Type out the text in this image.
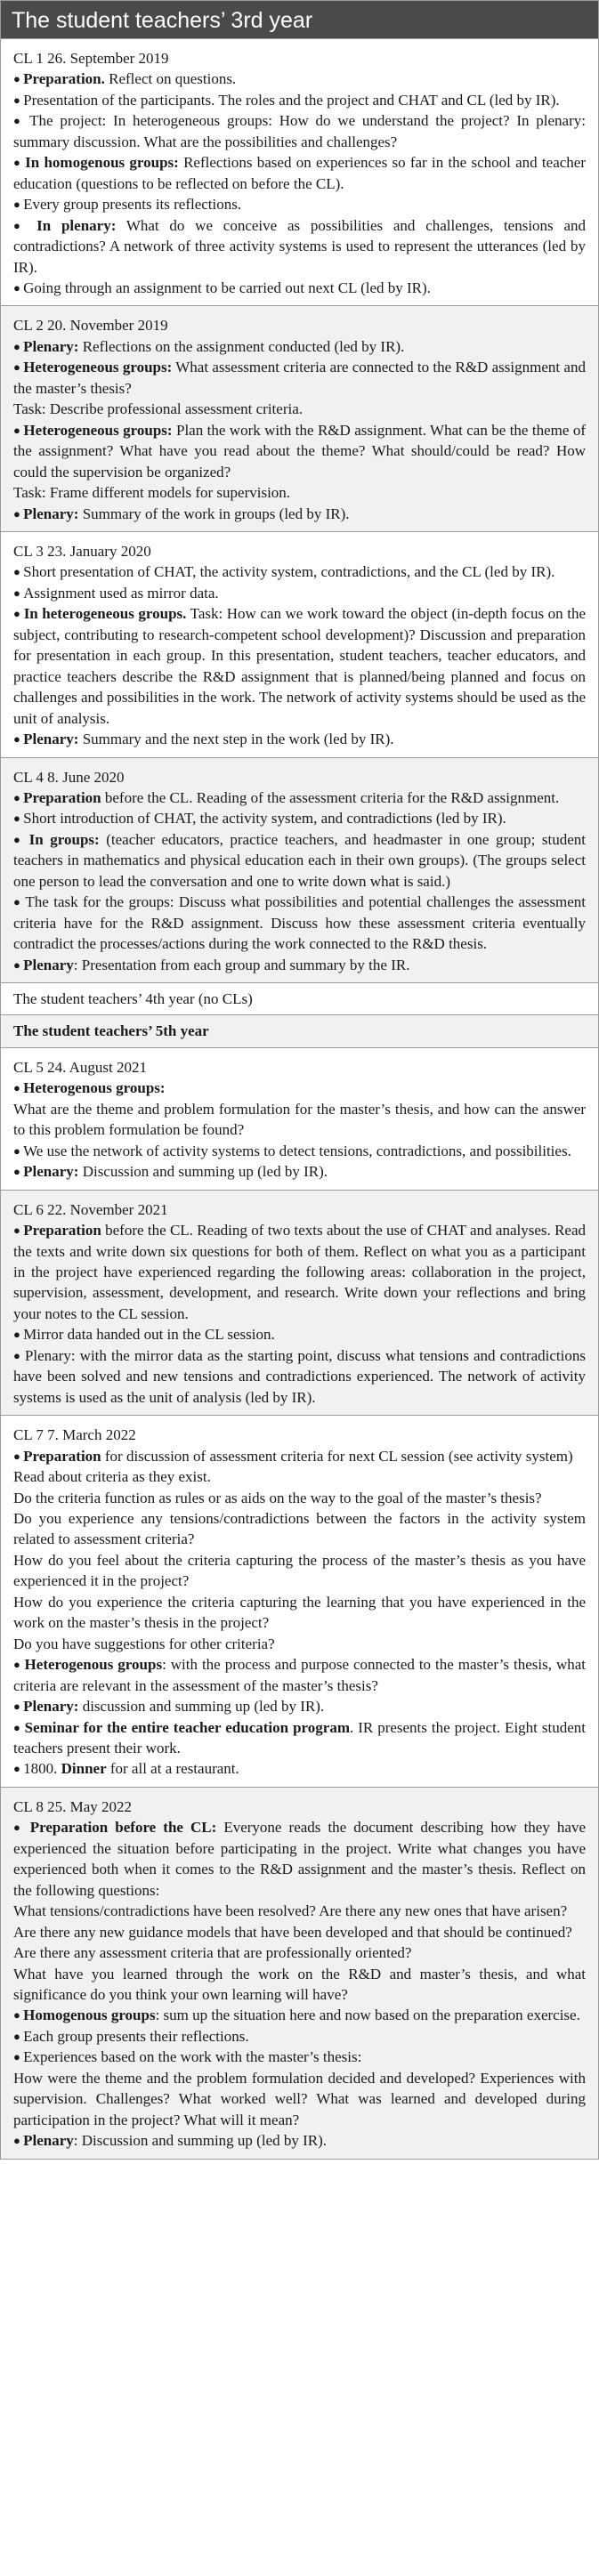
The student teachers’ 3rd year
CL 1 26. September 2019
● Preparation. Reflect on questions.
● Presentation of the participants. The roles and the project and CHAT and CL (led by IR).
● The project: In heterogeneous groups: How do we understand the project? In plenary: summary discussion. What are the possibilities and challenges?
● In homogenous groups: Reflections based on experiences so far in the school and teacher education (questions to be reflected on before the CL).
● Every group presents its reflections.
● In plenary: What do we conceive as possibilities and challenges, tensions and contradictions? A network of three activity systems is used to represent the utterances (led by IR).
● Going through an assignment to be carried out next CL (led by IR).
CL 2 20. November 2019
● Plenary: Reflections on the assignment conducted (led by IR).
● Heterogeneous groups: What assessment criteria are connected to the R&D assignment and the master’s thesis?
Task: Describe professional assessment criteria.
● Heterogeneous groups: Plan the work with the R&D assignment. What can be the theme of the assignment? What have you read about the theme? What should/could be read? How could the supervision be organized?
Task: Frame different models for supervision.
● Plenary: Summary of the work in groups (led by IR).
CL 3 23. January 2020
● Short presentation of CHAT, the activity system, contradictions, and the CL (led by IR).
● Assignment used as mirror data.
● In heterogeneous groups. Task: How can we work toward the object (in-depth focus on the subject, contributing to research-competent school development)? Discussion and preparation for presentation in each group. In this presentation, student teachers, teacher educators, and practice teachers describe the R&D assignment that is planned/being planned and focus on challenges and possibilities in the work. The network of activity systems should be used as the unit of analysis.
● Plenary: Summary and the next step in the work (led by IR).
CL 4 8. June 2020
● Preparation before the CL. Reading of the assessment criteria for the R&D assignment.
● Short introduction of CHAT, the activity system, and contradictions (led by IR).
● In groups: (teacher educators, practice teachers, and headmaster in one group; student teachers in mathematics and physical education each in their own groups). (The groups select one person to lead the conversation and one to write down what is said.)
● The task for the groups: Discuss what possibilities and potential challenges the assessment criteria have for the R&D assignment. Discuss how these assessment criteria eventually contradict the processes/actions during the work connected to the R&D thesis.
● Plenary: Presentation from each group and summary by the IR.
The student teachers’ 4th year (no CLs)
The student teachers’ 5th year
CL 5 24. August 2021
● Heterogenous groups:
What are the theme and problem formulation for the master’s thesis, and how can the answer to this problem formulation be found?
● We use the network of activity systems to detect tensions, contradictions, and possibilities.
● Plenary: Discussion and summing up (led by IR).
CL 6 22. November 2021
● Preparation before the CL. Reading of two texts about the use of CHAT and analyses. Read the texts and write down six questions for both of them. Reflect on what you as a participant in the project have experienced regarding the following areas: collaboration in the project, supervision, assessment, development, and research. Write down your reflections and bring your notes to the CL session.
● Mirror data handed out in the CL session.
● Plenary: with the mirror data as the starting point, discuss what tensions and contradictions have been solved and new tensions and contradictions experienced. The network of activity systems is used as the unit of analysis (led by IR).
CL 7 7. March 2022
● Preparation for discussion of assessment criteria for next CL session (see activity system)
Read about criteria as they exist.
Do the criteria function as rules or as aids on the way to the goal of the master’s thesis?
Do you experience any tensions/contradictions between the factors in the activity system related to assessment criteria?
How do you feel about the criteria capturing the process of the master’s thesis as you have experienced it in the project?
How do you experience the criteria capturing the learning that you have experienced in the work on the master’s thesis in the project?
Do you have suggestions for other criteria?
● Heterogenous groups: with the process and purpose connected to the master’s thesis, what criteria are relevant in the assessment of the master’s thesis?
● Plenary: discussion and summing up (led by IR).
● Seminar for the entire teacher education program. IR presents the project. Eight student teachers present their work.
● 1800. Dinner for all at a restaurant.
CL 8 25. May 2022
● Preparation before the CL: Everyone reads the document describing how they have experienced the situation before participating in the project. Write what changes you have experienced both when it comes to the R&D assignment and the master’s thesis. Reflect on the following questions:
What tensions/contradictions have been resolved? Are there any new ones that have arisen?
Are there any new guidance models that have been developed and that should be continued?
Are there any assessment criteria that are professionally oriented?
What have you learned through the work on the R&D and master’s thesis, and what significance do you think your own learning will have?
● Homogenous groups: sum up the situation here and now based on the preparation exercise.
● Each group presents their reflections.
● Experiences based on the work with the master’s thesis:
How were the theme and the problem formulation decided and developed? Experiences with supervision. Challenges? What worked well? What was learned and developed during participation in the project? What will it mean?
● Plenary: Discussion and summing up (led by IR).
